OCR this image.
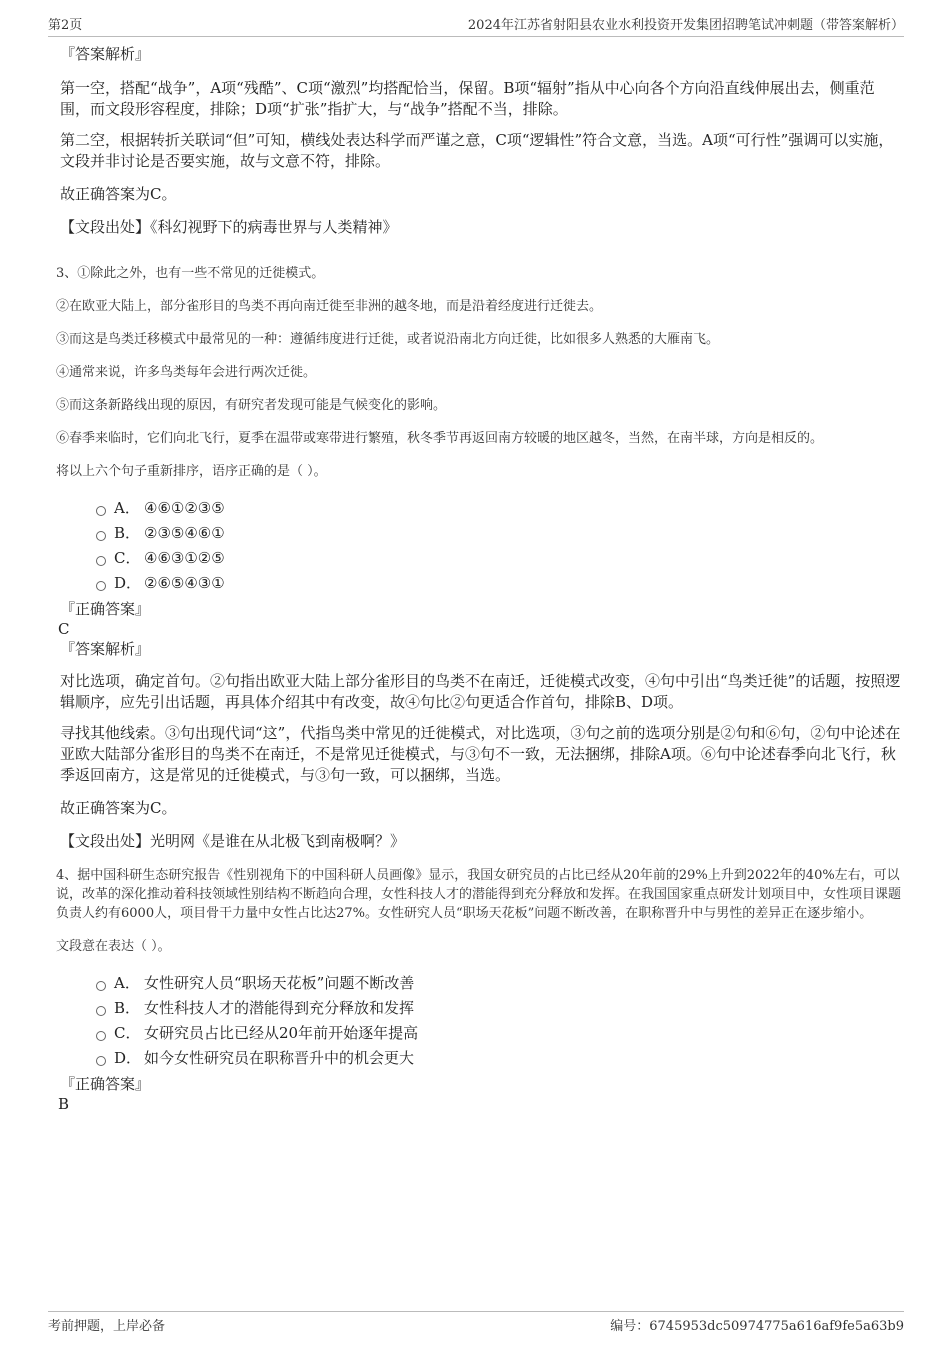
第2页	2024年江苏省射阳县农业水利投资开发集团招聘笔试冲刺题（带答案解析）
『答案解析』

第一空，搭配“战争”，A项“残酷”、C项“激烈”均搭配恰当，保留。B项“辐射”指从中心向各个方向沿直线伸展出去，侧重范围，而文段形容程度，排除；D项“扩张”指扩大，与“战争”搭配不当，排除。

第二空，根据转折关联词“但”可知，横线处表达科学而严谨之意，C项“逻辑性”符合文意，当选。A项“可行性”强调可以实施，文段并非讨论是否要实施，故与文意不符，排除。

故正确答案为C。

【文段出处】《科幻视野下的病毒世界与人类精神》

3、①除此之外，也有一些不常见的迁徙模式。
②在欧亚大陆上，部分雀形目的鸟类不再向南迁徙至非洲的越冬地，而是沿着经度进行迁徙去。
③而这是鸟类迁移模式中最常见的一种：遵循纬度进行迁徙，或者说沿南北方向迁徙，比如很多人熟悉的大雁南飞。
④通常来说，许多鸟类每年会进行两次迁徙。
⑤而这条新路线出现的原因，有研究者发现可能是气候变化的影响。
⑥春季来临时，它们向北飞行，夏季在温带或寒带进行繁殖，秋冬季节再返回南方较暖的地区越冬，当然，在南半球，方向是相反的。
将以上六个句子重新排序，语序正确的是（ ）。
A． ④⑥①②③⑤
B． ②③⑤④⑥①
C． ④⑥③①②⑤
D． ②⑥⑤④③①
『正确答案』
C
『答案解析』

对比选项，确定首句。②句指出欧亚大陆上部分雀形目的鸟类不在南迁，迁徙模式改变，④句中引出“鸟类迁徙”的话题，按照逻辑顺序，应先引出话题，再具体介绍其中有改变，故④句比②句更适合作首句，排除B、D项。

寻找其他线索。③句出现代词“这”，代指鸟类中常见的迁徙模式，对比选项，③句之前的选项分别是②句和⑥句，②句中论述在亚欧大陆部分雀形目的鸟类不在南迁，不是常见迁徙模式，与③句不一致，无法捆绑，排除A项。⑥句中论述春季向北飞行，秋季返回南方，这是常见的迁徙模式，与③句一致，可以捆绑，当选。

故正确答案为C。

【文段出处】光明网《是谁在从北极飞到南极啊？》

4、据中国科研生态研究报告《性别视角下的中国科研人员画像》显示，我国女研究员的占比已经从20年前的29%上升到2022年的40%左右，可以说，改革的深化推动着科技领域性别结构不断趋向合理，女性科技人才的潜能得到充分释放和发挥。在我国国家重点研发计划项目中，女性项目课题负责人约有6000人，项目骨干力量中女性占比达27%。女性研究人员“职场天花板”问题不断改善，在职称晋升中与男性的差异正在逐步缩小。
文段意在表达（ ）。
A． 女性研究人员“职场天花板”问题不断改善
B． 女性科技人才的潜能得到充分释放和发挥
C． 女研究员占比已经从20年前开始逐年提高
D． 如今女性研究员在职称晋升中的机会更大
『正确答案』
B
考前押题，上岸必备	编号：6745953dc50974775a616af9fe5a63b9
